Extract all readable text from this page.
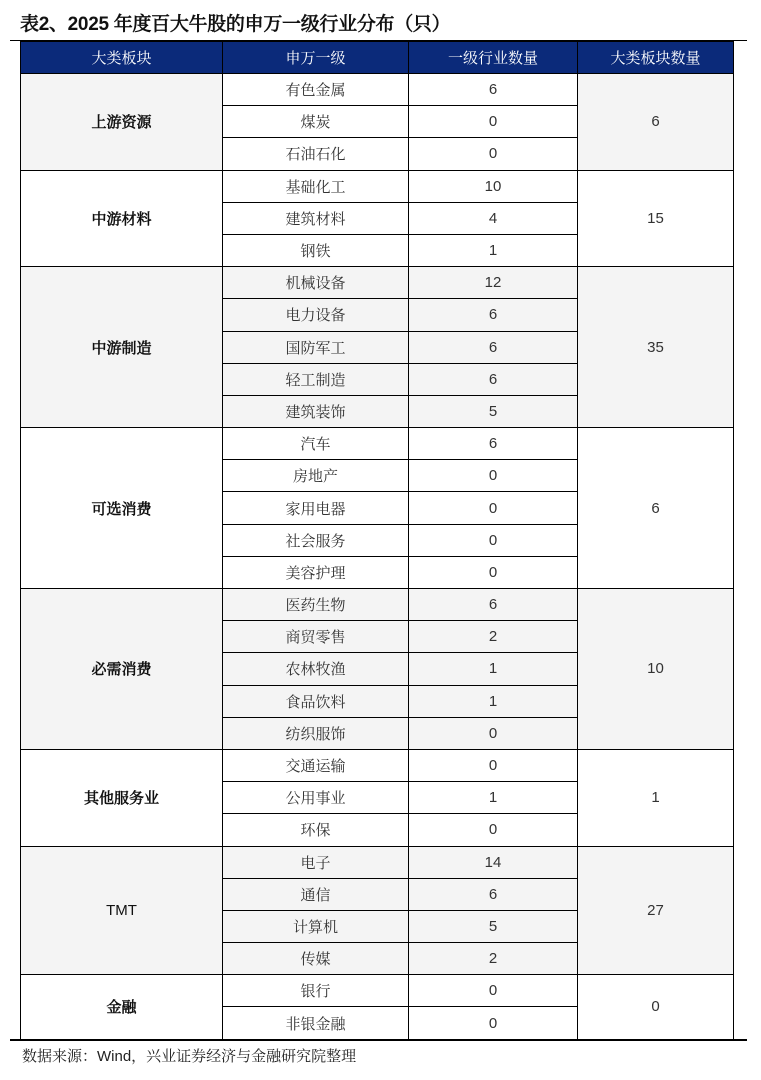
表2、2025 年度百大牛股的申万一级行业分布（只）
大类板块	申万一级	一级行业数量	大类板块数量
上游资源	有色金属	6	6
	煤炭	0	
	石油石化	0	
中游材料	基础化工	10	15
	建筑材料	4	
	钢铁	1	
中游制造	机械设备	12	35
	电力设备	6	
	国防军工	6	
	轻工制造	6	
	建筑装饰	5	
可选消费	汽车	6	6
	房地产	0	
	家用电器	0	
	社会服务	0	
	美容护理	0	
必需消费	医药生物	6	10
	商贸零售	2	
	农林牧渔	1	
	食品饮料	1	
	纺织服饰	0	
其他服务业	交通运输	0	1
	公用事业	1	
	环保	0	
TMT	电子	14	27
	通信	6	
	计算机	5	
	传媒	2	
金融	银行	0	0
	非银金融	0	
数据来源：Wind，兴业证券经济与金融研究院整理
